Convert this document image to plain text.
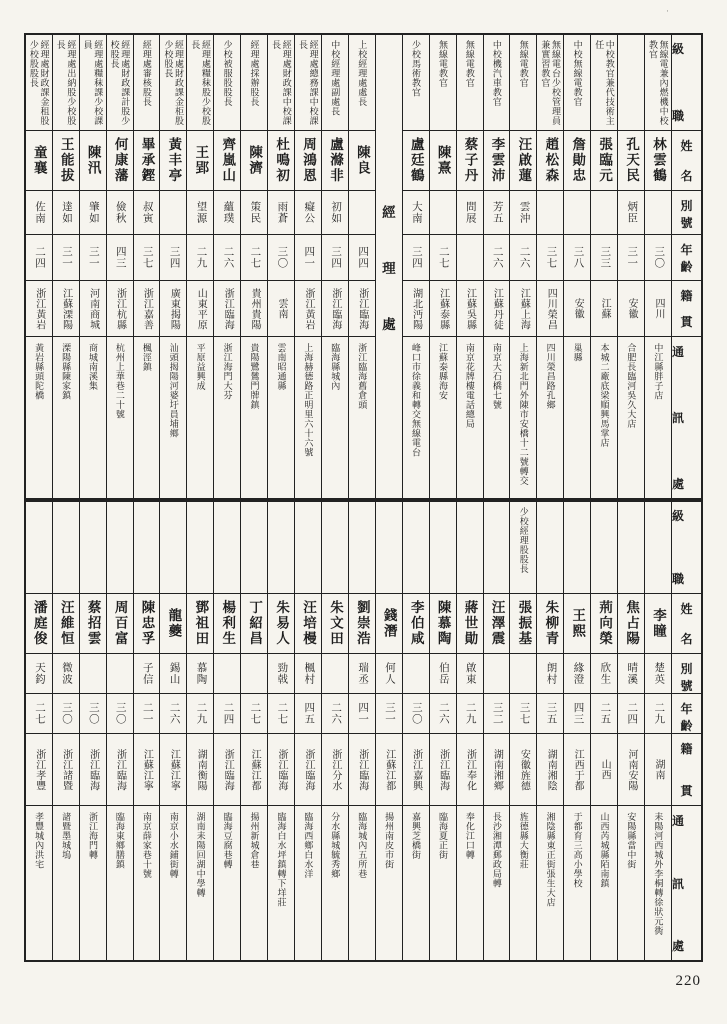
·
級
職
姓
名
別
號
年
齡
籍
貫
通
訊
處
無線電兼內燃機中校教官
林雲鶴
三〇
四川
中江縣胖子店
孔天民
炳臣
三一
安徽
合肥長臨河吳久大店
中校教官兼代技術主任
張臨元
三三
江蘇
本城二廠底梁順興馬掌店
中校無線電教官
詹勛忠
三八
安徽
巢縣
無線電台少校管理員兼實習教官
趙松森
三七
四川榮昌
四川榮昌路孔鄉
無線電教官
汪啟蓮
雲沖
二六
江蘇上海
上海新北門外陳市安橋十二號轉交
中校機汽車教官
李雲沛
芳五
二六
江蘇丹徒
南京大石橋七號
無線電教官
蔡子丹
問展
江蘇吳縣
南京花牌樓電話總局
無線電教官
陳熹
二七
江蘇泰縣
江蘇泰縣海安
少校馬術教官
盧廷鶴
大南
三四
湖北沔陽
峰口市徐義和轉交無線電台
經
理
處
上校經理處處長
陳良
四四
浙江臨海
浙江臨海舊倉頭
中校經理處副處長
盧滌非
初如
三四
浙江臨海
臨海縣城內
經理處總務課中校課長
周鴻恩
癡公
四一
浙江黃岩
上海赫德路正明里六十六號
經理處財政課中校課長
杜鳴初
雨蒼
三〇
雲南
雲南昭通縣
經理處採辦股長
陳濟
策民
二七
貴州貴陽
貴陽鷺鷥門牌鎮
少校被服股股長
齊嵐山
蘊璞
二六
浙江臨海
浙江海門大芬
經理處糧秣股少校股長
王郢
望源
二九
山東平原
平原益興成
經理處財政課金柜股少校股長
黃丰亭
三四
廣東揭陽
汕頭揭陽河婆圩員埔鄉
經理處審核股長
畢承鏗
叔寅
三七
浙江嘉善
楓涇鎮
經理處財政課計股少校股長
何康藩
儉秋
四三
浙江杭縣
杭州上華巷二十號
經理處糧秣課少校課員
陳汛
肇如
三一
河南商城
商城南溪集
經理處出納股少校股長
王能拔
達如
三一
江蘇溧陽
溧陽縣陳家鎮
經理處財政課金租股少校股股長
童襄
佐南
二四
浙江黃岩
黃岩縣頭陀橋
級
職
姓
名
別
號
年
齡
籍
貫
通
訊
處
李瞳
楚英
二九
湖南
耒陽河西城外李桐轉徐狀元衖
焦占陽
晴溪
二四
河南安陽
安陽縣當中街
荊向榮
欣生
二五
山西
山西芮城縣陌南鎮
王熙
緣澄
四三
江西于都
于都育三高小學校
朱柳青
朗村
三五
湖南湘陰
湘陰縣東正街張生大店
少校經理股股長
張振基
三七
安徽旌德
旌德縣大衡莊
汪澤震
三二
湖南湘鄉
長沙湘潭郵政局轉
蔣世勛
啟東
二九
浙江奉化
奉化江口轉
陳慕陶
伯岳
二六
浙江臨海
臨海夏正街
李伯咸
三〇
浙江嘉興
嘉興芝橋街
錢潛
何人
三一
江蘇江都
揚州南皮市街
劉崇浩
瑞丞
四一
浙江臨海
臨海城內五所巷
朱文田
二六
浙江分水
分水縣城毓秀鄉
汪培槾
楓村
四五
浙江臨海
臨海西鄉白水洋
朱易人
勁戟
二七
浙江臨海
臨海白水坪鎮轉下垟莊
丁紹昌
二七
江蘇江都
揚州新城倉巷
楊利生
二四
浙江臨海
臨海豆腐巷轉
鄧祖田
慕陶
二九
湖南衡陽
湖南耒陽回湖中學轉
龍夔
錫山
二六
江蘇江寧
南京小水鋪街轉
陳忠孚
子信
二一
江蘇江寧
南京薛家巷十號
周百富
三〇
浙江臨海
臨海東鄉膳鎮
蔡招雲
三〇
浙江臨海
浙江海門轉
汪維恒
微波
三〇
浙江諸暨
諸暨墨城塢
潘庭俊
天鈞
二七
浙江孝豐
孝豐城內洪宅
220
